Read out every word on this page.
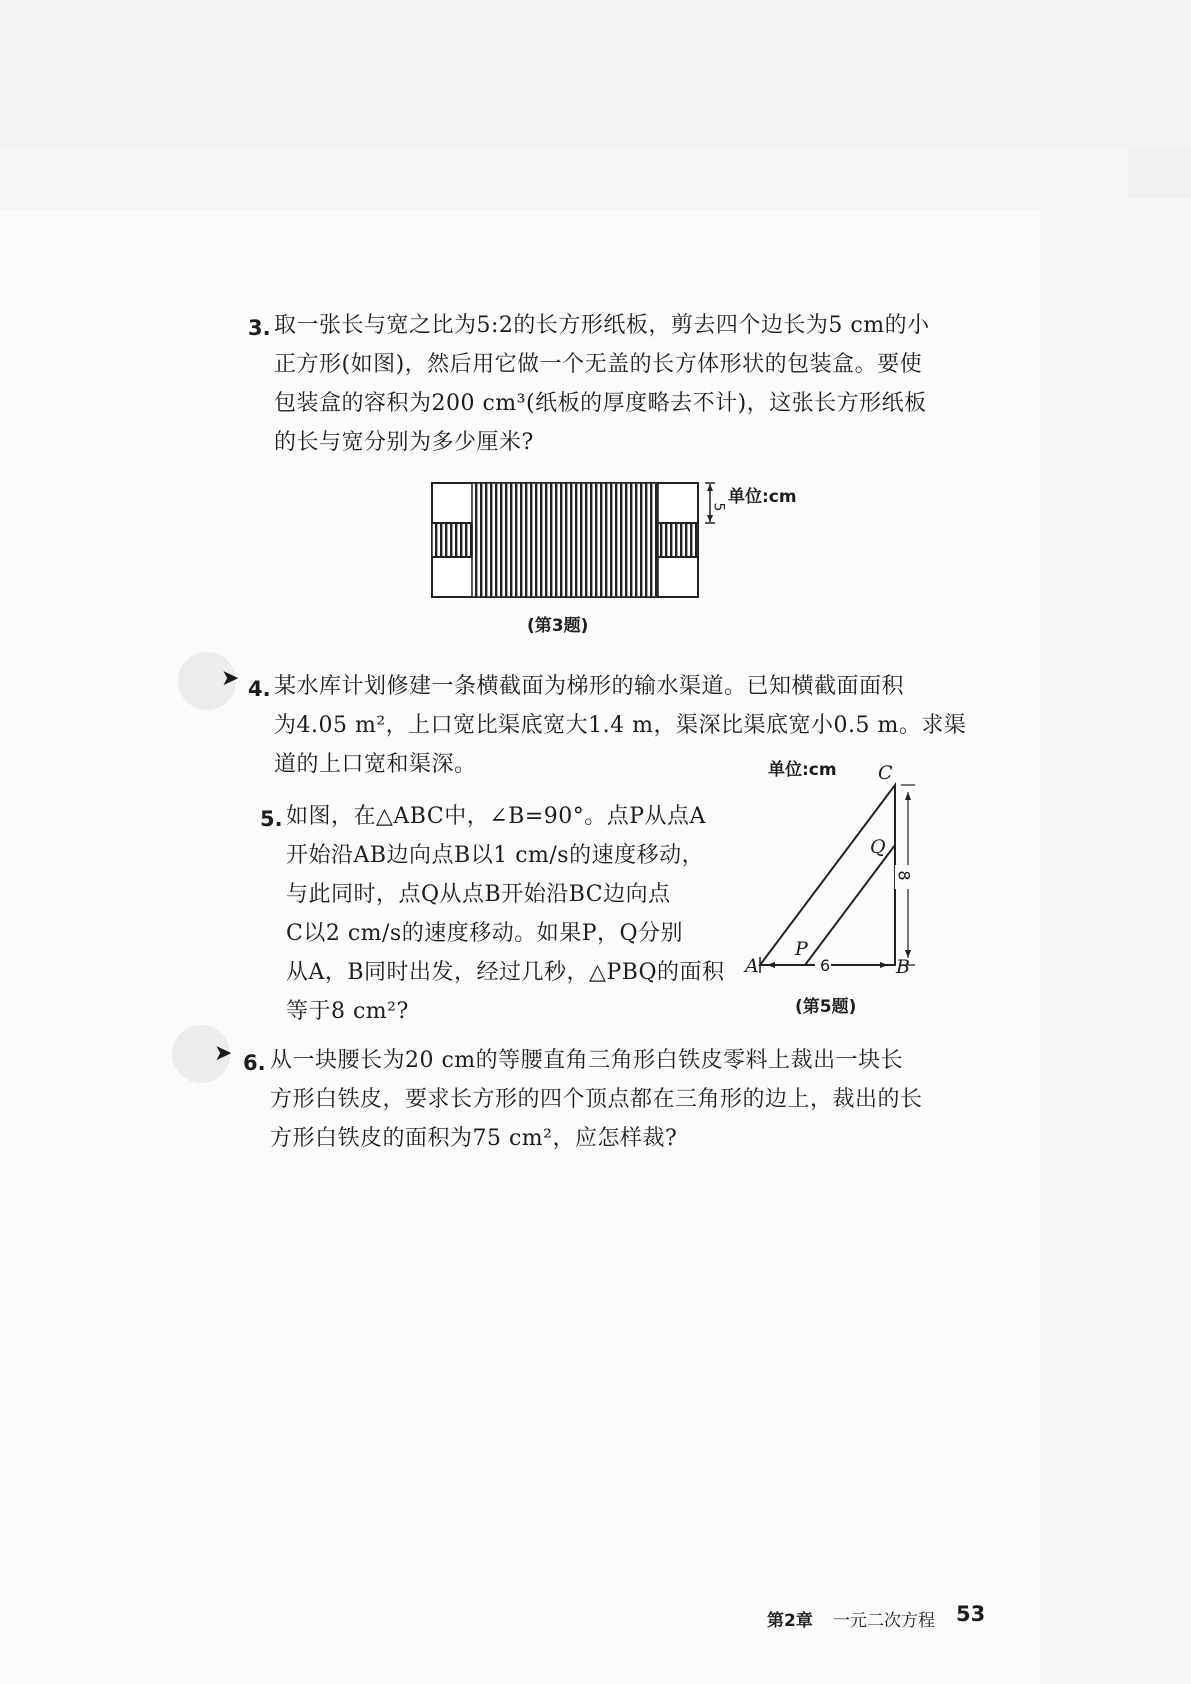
3. 取一张长与宽之比为5:2的长方形纸板，剪去四个边长为5 cm的小
正方形(如图)，然后用它做一个无盖的长方体形状的包装盒。要使
包装盒的容积为200 cm³(纸板的厚度略去不计)，这张长方形纸板
的长与宽分别为多少厘米?
5 单位:cm
(第3题)
➤ 4. 某水库计划修建一条横截面为梯形的输水渠道。已知横截面面积
为4.05 m²，上口宽比渠底宽大1.4 m，渠深比渠底宽小0.5 m。求渠
道的上口宽和渠深。
5. 如图，在△ABC中，∠B=90°。点P从点A
开始沿AB边向点B以1 cm/s的速度移动，
与此同时，点Q从点B开始沿BC边向点
C以2 cm/s的速度移动。如果P，Q分别
从A，B同时出发，经过几秒，△PBQ的面积
等于8 cm²?
单位:cm C
Q
8
P
A	6	B
(第5题)
➤ 6. 从一块腰长为20 cm的等腰直角三角形白铁皮零料上裁出一块长
方形白铁皮，要求长方形的四个顶点都在三角形的边上，裁出的长
方形白铁皮的面积为75 cm²，应怎样裁?
第2章 一元二次方程 53
